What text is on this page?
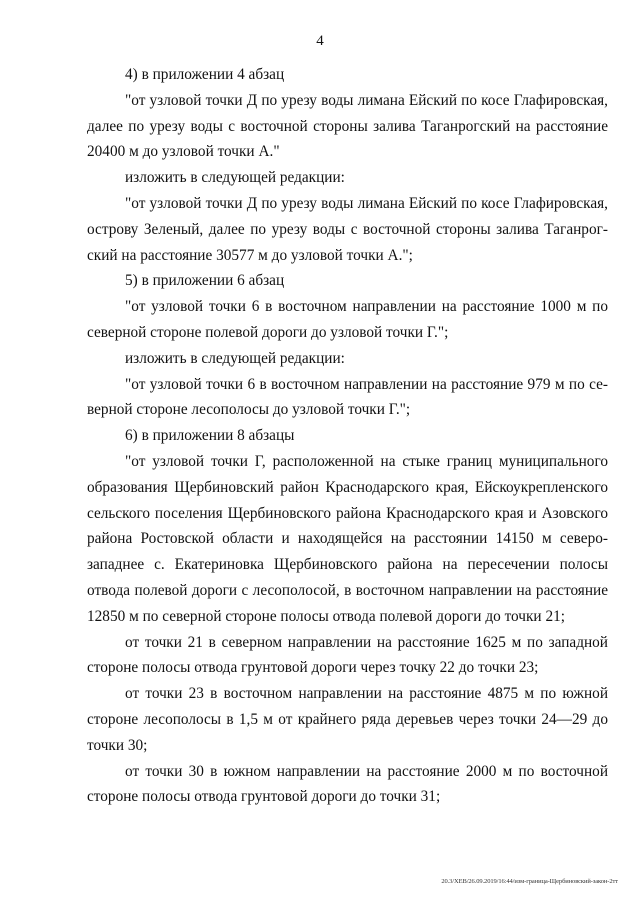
4

4) в приложении 4 абзац

"от узловой точки Д по урезу воды лимана Ейский по косе Глафировская, далее по урезу воды с восточной стороны залива Таганрогский на расстояние 20400 м до узловой точки А."

изложить в следующей редакции:

"от узловой точки Д по урезу воды лимана Ейский по косе Глафировская, острову Зеленый, далее по урезу воды с восточной стороны залива Таганрогский на расстояние 30577 м до узловой точки А.";

5) в приложении 6 абзац

"от узловой точки 6 в восточном направлении на расстояние 1000 м по северной стороне полевой дороги до узловой точки Г.";

изложить в следующей редакции:

"от узловой точки 6 в восточном направлении на расстояние 979 м по северной стороне лесополосы до узловой точки Г.";

6) в приложении 8 абзацы

"от узловой точки Г, расположенной на стыке границ муниципального образования Щербиновский район Краснодарского края, Ейскоукрепленского сельского поселения Щербиновского района Краснодарского края и Азовского района Ростовской области и находящейся на расстоянии 14150 м северозападнее с. Екатериновка Щербиновского района на пересечении полосы отвода полевой дороги с лесополосой, в восточном направлении на расстояние 12850 м по северной стороне полосы отвода полевой дороги до точки 21;

от точки 21 в северном направлении на расстояние 1625 м по западной стороне полосы отвода грунтовой дороги через точку 22 до точки 23;

от точки 23 в восточном направлении на расстояние 4875 м по южной стороне лесополосы в 1,5 м от крайнего ряда деревьев через точки 24—29 до точки 30;

от точки 30 в южном направлении на расстояние 2000 м по восточной стороне полосы отвода грунтовой дороги до точки 31;

20.3/ХЕВ/26.09.2019/16:44/изм-граница-Щербиновский-закон-2тт
